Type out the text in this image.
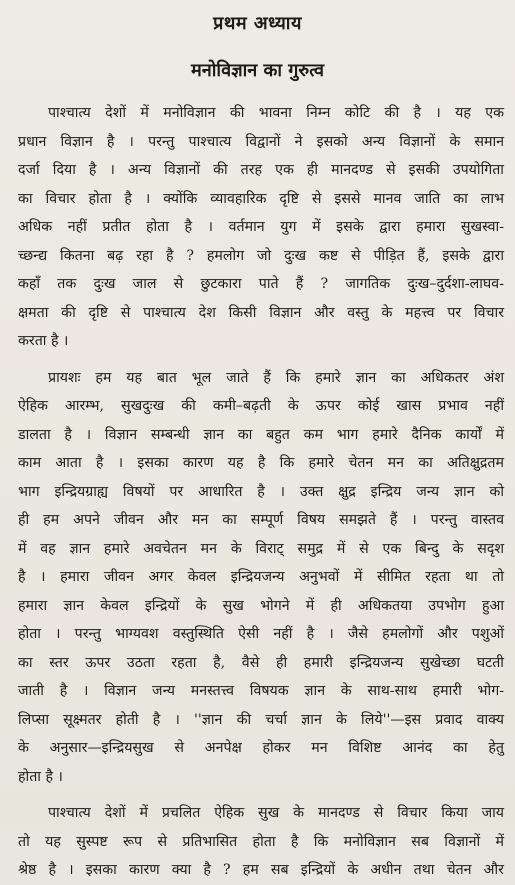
प्रथम अध्याय
मनोविज्ञान का गुरुत्व
पाश्चात्य देशों में मनोविज्ञान की भावना निम्न कोटि की है । यह एक
प्रधान विज्ञान है । परन्तु पाश्चात्य विद्वानों ने इसको अन्य विज्ञानों के समान
दर्जा दिया है । अन्य विज्ञानों की तरह एक ही मानदण्ड से इसकी उपयोगिता
का विचार होता है । क्योंकि व्यावहारिक दृष्टि से इससे मानव जाति का लाभ
अधिक नहीं प्रतीत होता है । वर्तमान युग में इसके द्वारा हमारा सुखस्वा-
च्छन्द्य कितना बढ़ रहा है ? हमलोग जो दुःख कष्ट से पीड़ित हैं, इसके द्वारा
कहाँ तक दुःख जाल से छुटकारा पाते हैं ? जागतिक दुःख–दुर्दशा-लाघव-
क्षमता की दृष्टि से पाश्चात्य देश किसी विज्ञान और वस्तु के महत्त्व पर विचार
करता है ।
प्रायशः हम यह बात भूल जाते हैं कि हमारे ज्ञान का अधिकतर अंश
ऐहिक आरम्भ, सुखदुःख की कमी–बढ़ती के ऊपर कोई खास प्रभाव नहीं
डालता है । विज्ञान सम्बन्धी ज्ञान का बहुत कम भाग हमारे दैनिक कार्यों में
काम आता है । इसका कारण यह है कि हमारे चेतन मन का अतिक्षुद्रतम
भाग इन्द्रियग्राह्य विषयों पर आधारित है । उक्त क्षुद्र इन्द्रिय जन्य ज्ञान को
ही हम अपने जीवन और मन का सम्पूर्ण विषय समझते हैं । परन्तु वास्तव
में वह ज्ञान हमारे अवचेतन मन के विराट् समुद्र में से एक बिन्दु के सदृश
है । हमारा जीवन अगर केवल इन्द्रियजन्य अनुभवों में सीमित रहता था तो
हमारा ज्ञान केवल इन्द्रियों के सुख भोगने में ही अधिकतया उपभोग हुआ
होता । परन्तु भाग्यवश वस्तुस्थिति ऐसी नहीं है । जैसे हमलोगों और पशुओं
का स्तर ऊपर उठता रहता है, वैसे ही हमारी इन्द्रियजन्य सुखेच्छा घटती
जाती है । विज्ञान जन्य मनस्तत्त्व विषयक ज्ञान के साथ-साथ हमारी भोग-
लिप्सा सूक्ष्मतर होती है । ''ज्ञान की चर्चा ज्ञान के लिये''—इस प्रवाद वाक्य
के अनुसार—इन्द्रियसुख से अनपेक्ष होकर मन विशिष्ट आनंद का हेतु
होता है ।
पाश्चात्य देशों में प्रचलित ऐहिक सुख के मानदण्ड से विचार किया जाय
तो यह सुस्पष्ट रूप से प्रतिभासित होता है कि मनोविज्ञान सब विज्ञानों में
श्रेष्ठ है । इसका कारण क्या है ? हम सब इन्द्रियों के अधीन तथा चेतन और
